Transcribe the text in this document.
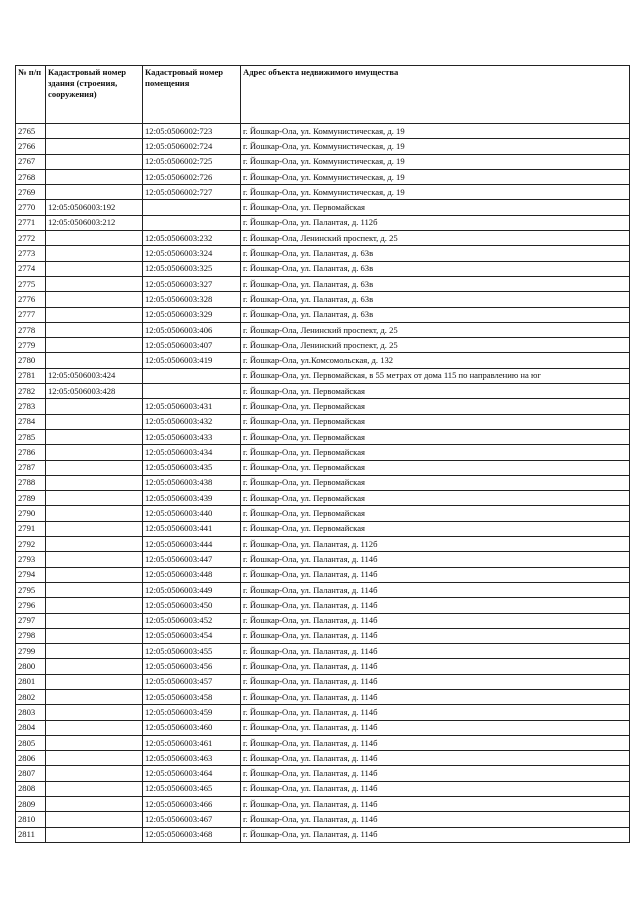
№ п/п	Кадастровый номер здания (строения, сооружения)	Кадастровый номер помещения	Адрес объекта недвижимого имущества
2765		12:05:0506002:723	г. Йошкар-Ола, ул. Коммунистическая, д. 19
2766		12:05:0506002:724	г. Йошкар-Ола, ул. Коммунистическая, д. 19
2767		12:05:0506002:725	г. Йошкар-Ола, ул. Коммунистическая, д. 19
2768		12:05:0506002:726	г. Йошкар-Ола, ул. Коммунистическая, д. 19
2769		12:05:0506002:727	г. Йошкар-Ола, ул. Коммунистическая, д. 19
2770	12:05:0506003:192		г. Йошкар-Ола, ул. Первомайская
2771	12:05:0506003:212		г. Йошкар-Ола, ул. Палантая, д. 112б
2772		12:05:0506003:232	г. Йошкар-Ола, Ленинский проспект, д. 25
2773		12:05:0506003:324	г. Йошкар-Ола, ул. Палантая, д. 63в
2774		12:05:0506003:325	г. Йошкар-Ола, ул. Палантая, д. 63в
2775		12:05:0506003:327	г. Йошкар-Ола, ул. Палантая, д. 63в
2776		12:05:0506003:328	г. Йошкар-Ола, ул. Палантая, д. 63в
2777		12:05:0506003:329	г. Йошкар-Ола, ул. Палантая, д. 63в
2778		12:05:0506003:406	г. Йошкар-Ола, Ленинский проспект, д. 25
2779		12:05:0506003:407	г. Йошкар-Ола, Ленинский проспект, д. 25
2780		12:05:0506003:419	г. Йошкар-Ола, ул.Комсомольская, д. 132
2781	12:05:0506003:424		г. Йошкар-Ола, ул. Первомайская, в 55 метрах от дома 115 по направлению на юг
2782	12:05:0506003:428		г. Йошкар-Ола, ул. Первомайская
2783		12:05:0506003:431	г. Йошкар-Ола, ул. Первомайская
2784		12:05:0506003:432	г. Йошкар-Ола, ул. Первомайская
2785		12:05:0506003:433	г. Йошкар-Ола, ул. Первомайская
2786		12:05:0506003:434	г. Йошкар-Ола, ул. Первомайская
2787		12:05:0506003:435	г. Йошкар-Ола, ул. Первомайская
2788		12:05:0506003:438	г. Йошкар-Ола, ул. Первомайская
2789		12:05:0506003:439	г. Йошкар-Ола, ул. Первомайская
2790		12:05:0506003:440	г. Йошкар-Ола, ул. Первомайская
2791		12:05:0506003:441	г. Йошкар-Ола, ул. Первомайская
2792		12:05:0506003:444	г. Йошкар-Ола, ул. Палантая, д. 112б
2793		12:05:0506003:447	г. Йошкар-Ола, ул. Палантая, д. 114б
2794		12:05:0506003:448	г. Йошкар-Ола, ул. Палантая, д. 114б
2795		12:05:0506003:449	г. Йошкар-Ола, ул. Палантая, д. 114б
2796		12:05:0506003:450	г. Йошкар-Ола, ул. Палантая, д. 114б
2797		12:05:0506003:452	г. Йошкар-Ола, ул. Палантая, д. 114б
2798		12:05:0506003:454	г. Йошкар-Ола, ул. Палантая, д. 114б
2799		12:05:0506003:455	г. Йошкар-Ола, ул. Палантая, д. 114б
2800		12:05:0506003:456	г. Йошкар-Ола, ул. Палантая, д. 114б
2801		12:05:0506003:457	г. Йошкар-Ола, ул. Палантая, д. 114б
2802		12:05:0506003:458	г. Йошкар-Ола, ул. Палантая, д. 114б
2803		12:05:0506003:459	г. Йошкар-Ола, ул. Палантая, д. 114б
2804		12:05:0506003:460	г. Йошкар-Ола, ул. Палантая, д. 114б
2805		12:05:0506003:461	г. Йошкар-Ола, ул. Палантая, д. 114б
2806		12:05:0506003:463	г. Йошкар-Ола, ул. Палантая, д. 114б
2807		12:05:0506003:464	г. Йошкар-Ола, ул. Палантая, д. 114б
2808		12:05:0506003:465	г. Йошкар-Ола, ул. Палантая, д. 114б
2809		12:05:0506003:466	г. Йошкар-Ола, ул. Палантая, д. 114б
2810		12:05:0506003:467	г. Йошкар-Ола, ул. Палантая, д. 114б
2811		12:05:0506003:468	г. Йошкар-Ола, ул. Палантая, д. 114б
